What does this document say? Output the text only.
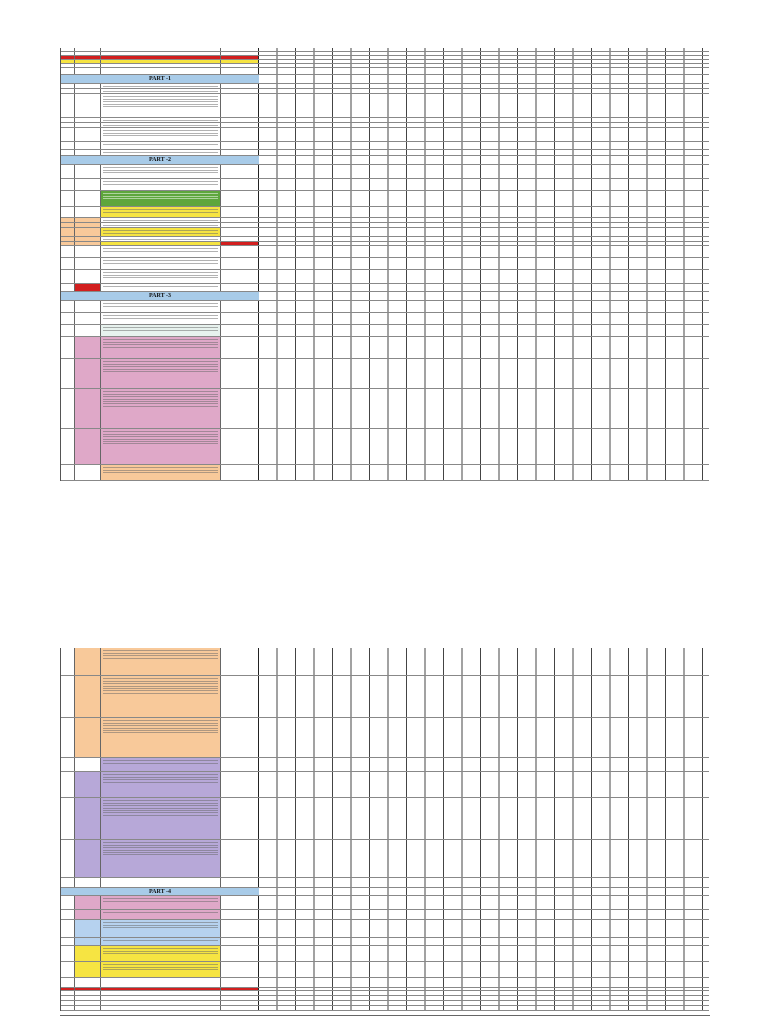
PART -1
PART -2
PART -3
PART -4
